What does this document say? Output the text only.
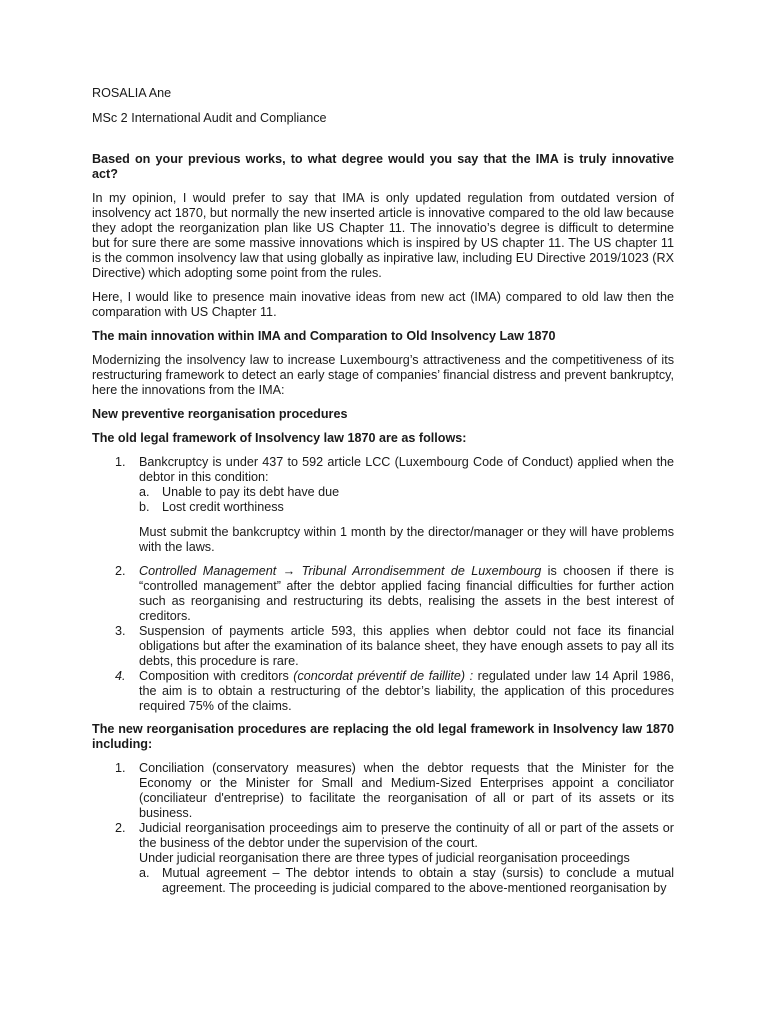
ROSALIA Ane
MSc 2 International Audit and Compliance

Based on your previous works, to what degree would you say that the IMA is truly innovative act?

In my opinion, I would prefer to say that IMA is only updated regulation from outdated version of insolvency act 1870, but normally the new inserted article is innovative compared to the old law because they adopt the reorganization plan like US Chapter 11. The innovatio’s degree is difficult to determine but for sure there are some massive innovations which is inspired by US chapter 11. The US chapter 11 is the common insolvency law that using globally as inpirative law, including EU Directive 2019/1023 (RX Directive) which adopting some point from the rules.

Here, I would like to presence main inovative ideas from new act (IMA) compared to old law then the comparation with US Chapter 11.

The main innovation within IMA and Comparation to Old Insolvency Law 1870

Modernizing the insolvency law to increase Luxembourg’s attractiveness and the competitiveness of its restructuring framework to detect an early stage of companies’ financial distress and prevent bankruptcy, here the innovations from the IMA:

New preventive reorganisation procedures

The old legal framework of Insolvency law 1870 are as follows:

1. Bankcruptcy is under 437 to 592 article LCC (Luxembourg Code of Conduct) applied when the debtor in this condition:
a. Unable to pay its debt have due
b. Lost credit worthiness
Must submit the bankcruptcy within 1 month by the director/manager or they will have problems with the laws.
2. Controlled Management → Tribunal Arrondisemment de Luxembourg is choosen if there is “controlled management” after the debtor applied facing financial difficulties for further action such as reorganising and restructuring its debts, realising the assets in the best interest of creditors.
3. Suspension of payments article 593, this applies when debtor could not face its financial obligations but after the examination of its balance sheet, they have enough assets to pay all its debts, this procedure is rare.
4. Composition with creditors (concordat préventif de faillite) : regulated under law 14 April 1986, the aim is to obtain a restructuring of the debtor’s liability, the application of this procedures required 75% of the claims.

The new reorganisation procedures are replacing the old legal framework in Insolvency law 1870 including:

1. Conciliation (conservatory measures) when the debtor requests that the Minister for the Economy or the Minister for Small and Medium-Sized Enterprises appoint a conciliator (conciliateur d'entreprise) to facilitate the reorganisation of all or part of its assets or its business.
2. Judicial reorganisation proceedings aim to preserve the continuity of all or part of the assets or the business of the debtor under the supervision of the court.
Under judicial reorganisation there are three types of judicial reorganisation proceedings
a. Mutual agreement – The debtor intends to obtain a stay (sursis) to conclude a mutual agreement. The proceeding is judicial compared to the above-mentioned reorganisation by
